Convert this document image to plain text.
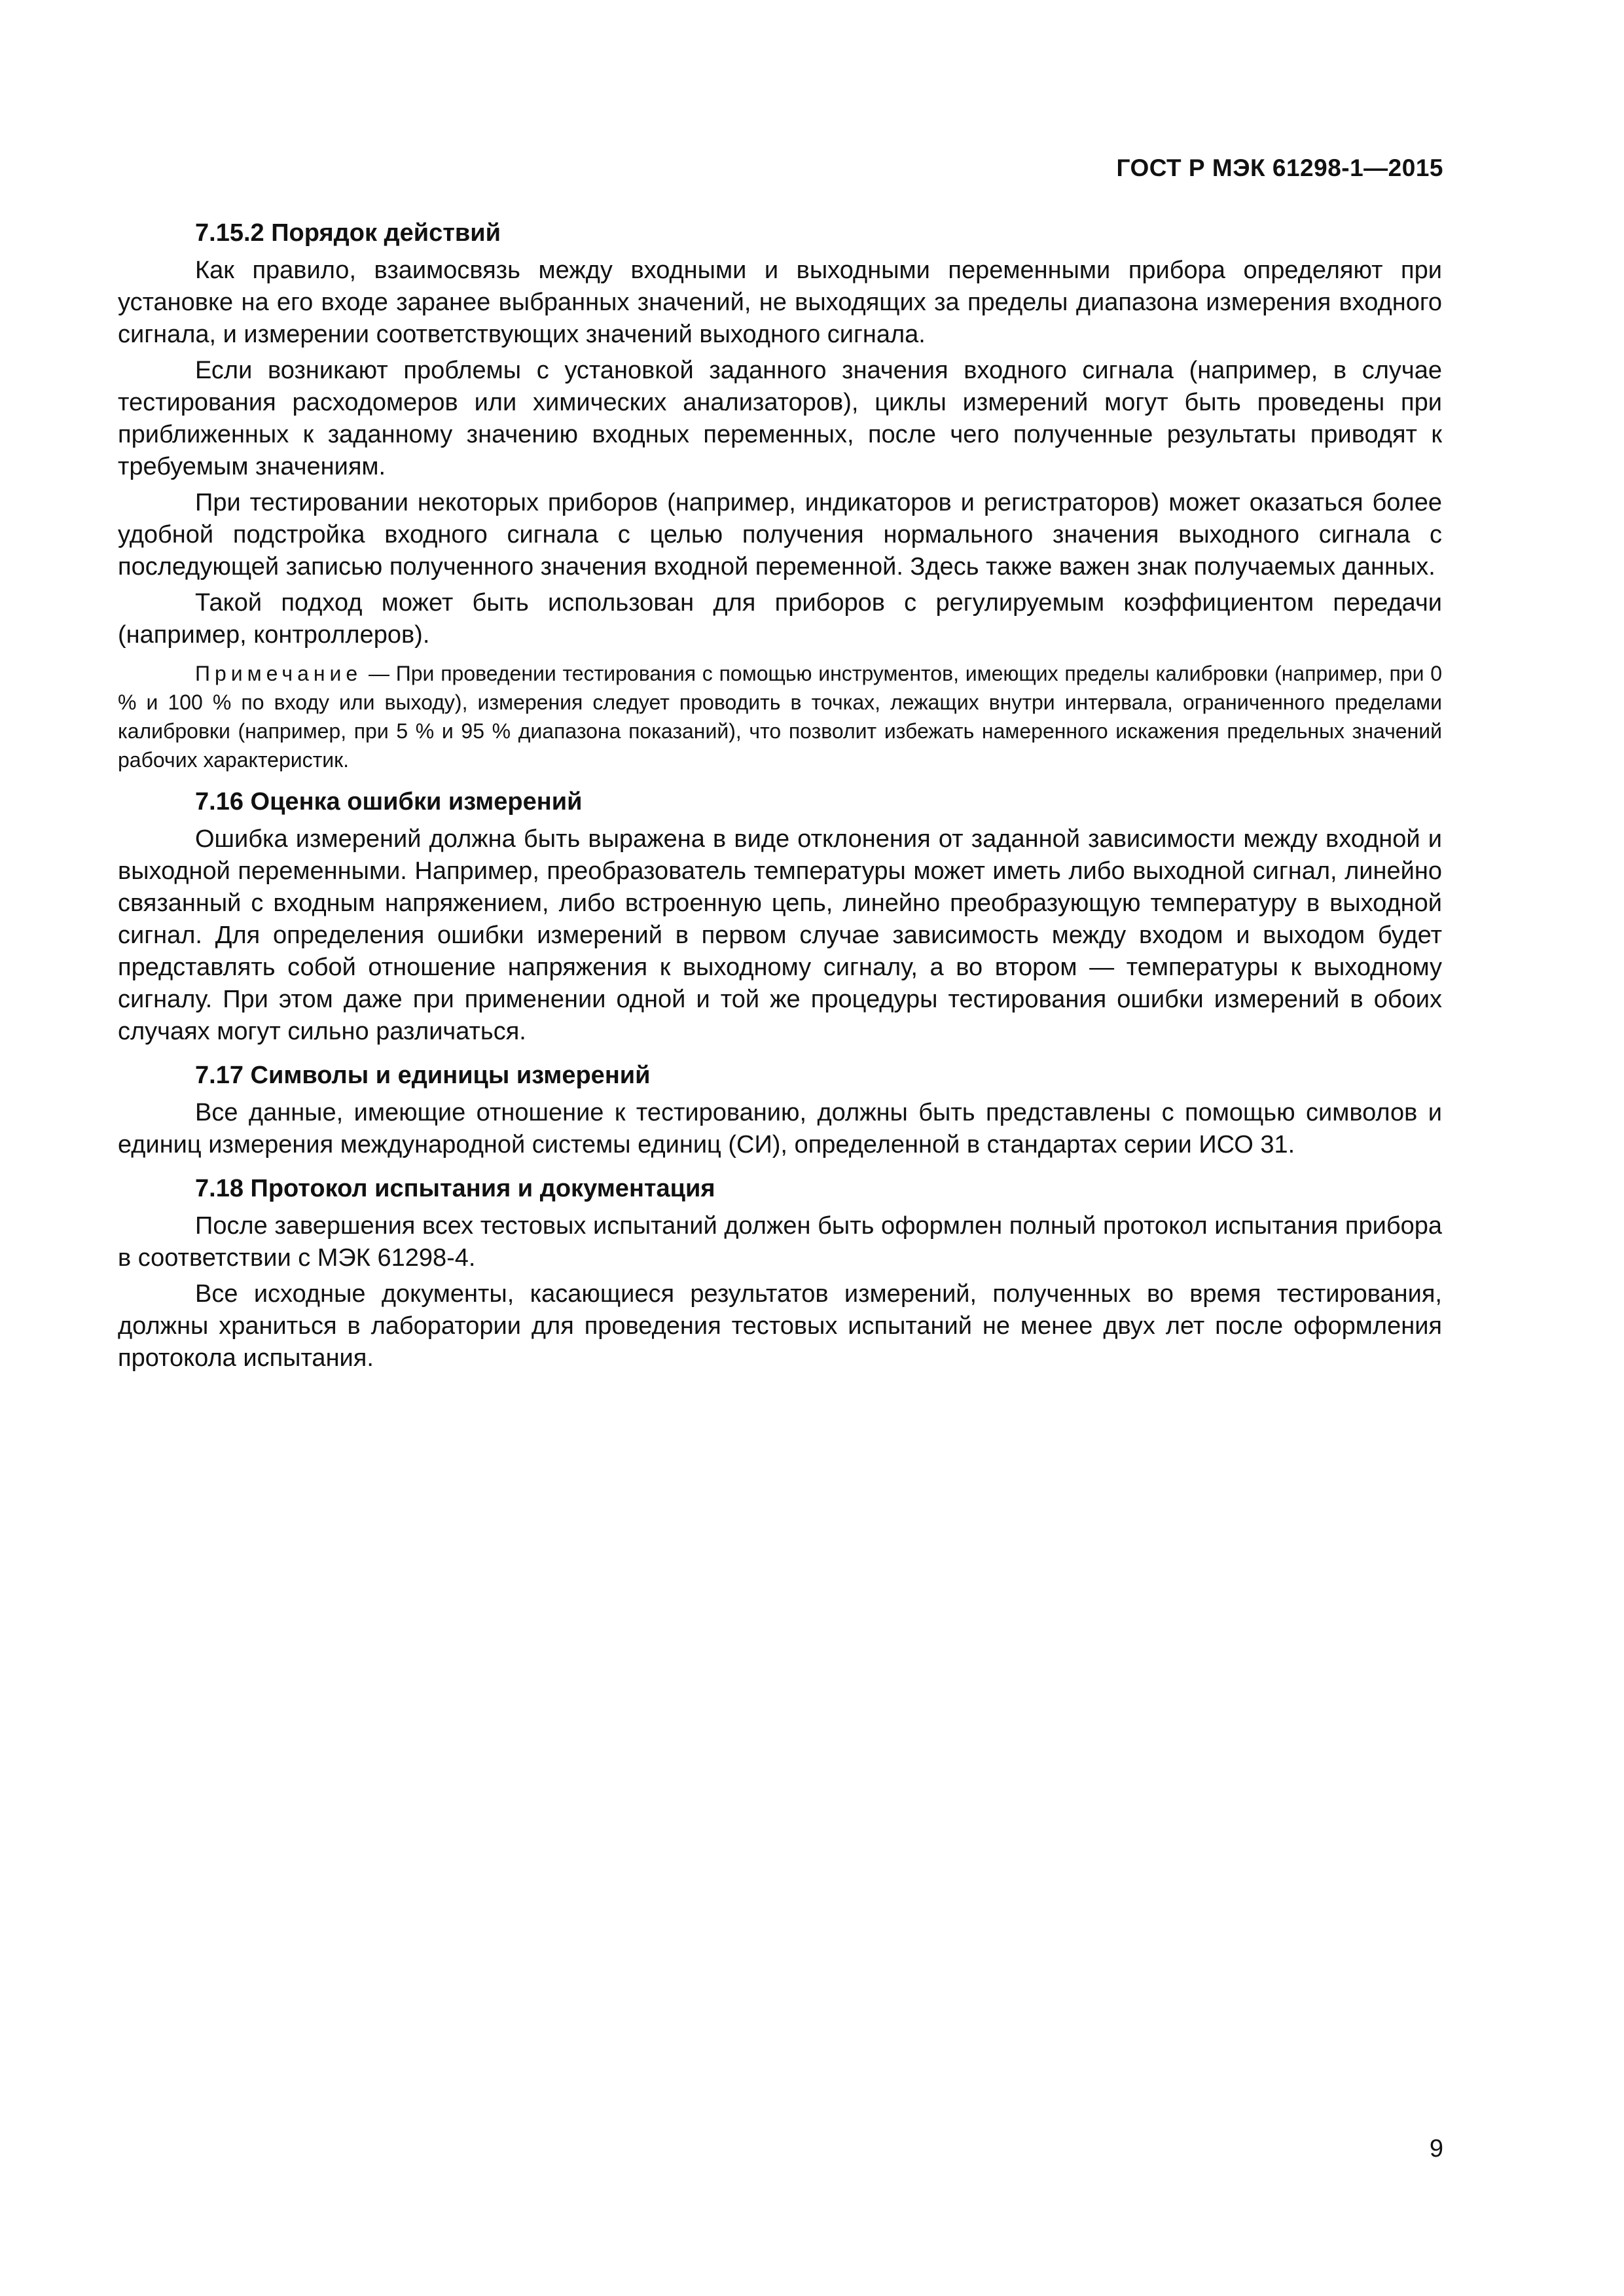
ГОСТ Р МЭК 61298-1—2015
7.15.2 Порядок действий

Как правило, взаимосвязь между входными и выходными переменными прибора определяют при установке на его входе заранее выбранных значений, не выходящих за пределы диапазона измерения входного сигнала, и измерении соответствующих значений выходного сигнала.

Если возникают проблемы с установкой заданного значения входного сигнала (например, в случае тестирования расходомеров или химических анализаторов), циклы измерений могут быть проведены при приближенных к заданному значению входных переменных, после чего полученные результаты приводят к требуемым значениям.

При тестировании некоторых приборов (например, индикаторов и регистраторов) может оказаться более удобной подстройка входного сигнала с целью получения нормального значения выходного сигнала с последующей записью полученного значения входной переменной. Здесь также важен знак получаемых данных.

Такой подход может быть использован для приборов с регулируемым коэффициентом передачи (например, контроллеров).

Примечание — При проведении тестирования с помощью инструментов, имеющих пределы калибровки (например, при 0 % и 100 % по входу или выходу), измерения следует проводить в точках, лежащих внутри интервала, ограниченного пределами калибровки (например, при 5 % и 95 % диапазона показаний), что позволит избежать намеренного искажения предельных значений рабочих характеристик.

7.16 Оценка ошибки измерений

Ошибка измерений должна быть выражена в виде отклонения от заданной зависимости между входной и выходной переменными. Например, преобразователь температуры может иметь либо выходной сигнал, линейно связанный с входным напряжением, либо встроенную цепь, линейно преобразующую температуру в выходной сигнал. Для определения ошибки измерений в первом случае зависимость между входом и выходом будет представлять собой отношение напряжения к выходному сигналу, а во втором — температуры к выходному сигналу. При этом даже при применении одной и той же процедуры тестирования ошибки измерений в обоих случаях могут сильно различаться.

7.17 Символы и единицы измерений

Все данные, имеющие отношение к тестированию, должны быть представлены с помощью символов и единиц измерения международной системы единиц (СИ), определенной в стандартах серии ИСО 31.

7.18 Протокол испытания и документация

После завершения всех тестовых испытаний должен быть оформлен полный протокол испытания прибора в соответствии с МЭК 61298-4.

Все исходные документы, касающиеся результатов измерений, полученных во время тестирования, должны храниться в лаборатории для проведения тестовых испытаний не менее двух лет после оформления протокола испытания.

9
